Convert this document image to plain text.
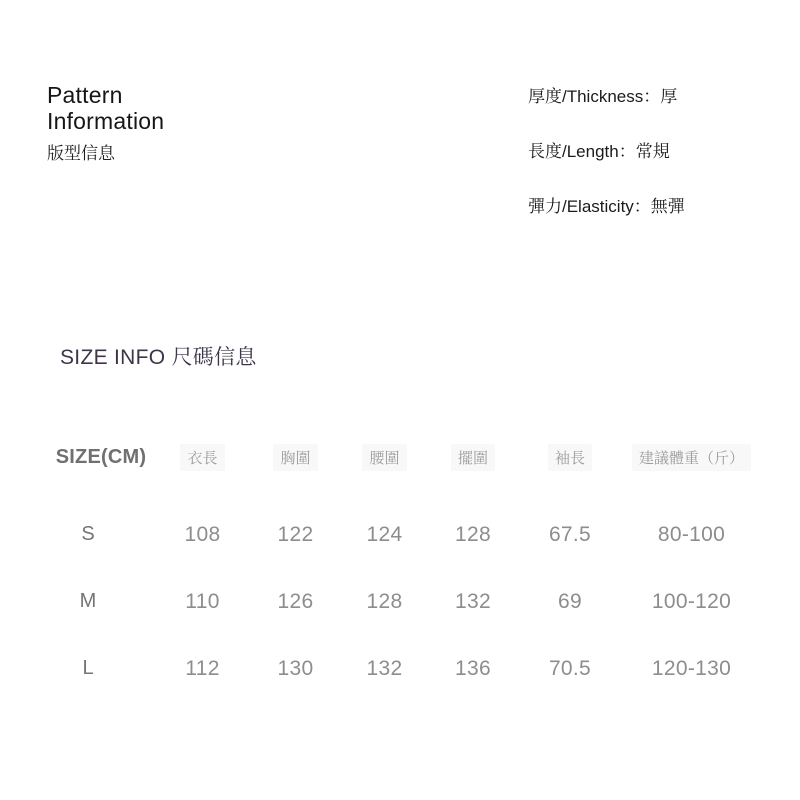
Pattern
Information
版型信息
厚度/Thickness：厚
長度/Length：常規
彈力/Elasticity：無彈
SIZE INFO 尺碼信息
SIZE(CM)	衣長	胸圍	腰圍	擺圍	袖長	建議體重（斤）
S	108	122	124	128	67.5	80-100
M	110	126	128	132	69	100-120
L	112	130	132	136	70.5	120-130
